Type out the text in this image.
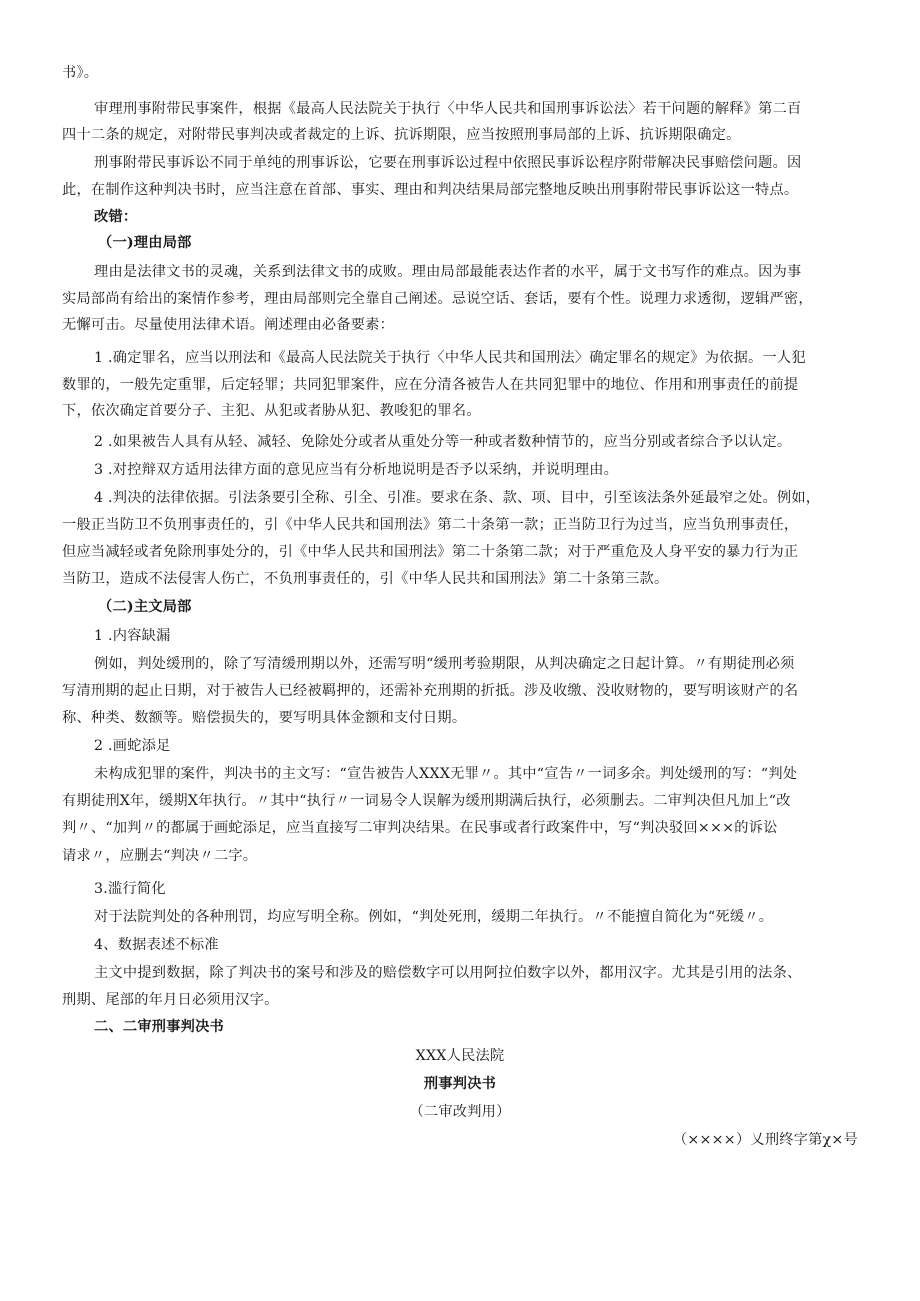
书》。
审理刑事附带民事案件，根据《最高人民法院关于执行〈中华人民共和国刑事诉讼法〉若干问题的解释》第二百
四十二条的规定，对附带民事判决或者裁定的上诉、抗诉期限，应当按照刑事局部的上诉、抗诉期限确定。
刑事附带民事诉讼不同于单纯的刑事诉讼，它要在刑事诉讼过程中依照民事诉讼程序附带解决民事赔偿问题。因
此，在制作这种判决书时，应当注意在首部、事实、理由和判决结果局部完整地反映出刑事附带民事诉讼这一特点。
改错：
（一)理由局部
理由是法律文书的灵魂，关系到法律文书的成败。理由局部最能表达作者的水平，属于文书写作的难点。因为事
实局部尚有给出的案情作参考，理由局部则完全靠自己阐述。忌说空话、套话，要有个性。说理力求透彻，逻辑严密，
无懈可击。尽量使用法律术语。阐述理由必备要素：
1 .确定罪名，应当以刑法和《最高人民法院关于执行〈中华人民共和国刑法〉确定罪名的规定》为依据。一人犯
数罪的，一般先定重罪，后定轻罪；共同犯罪案件，应在分清各被告人在共同犯罪中的地位、作用和刑事责任的前提
下，依次确定首要分子、主犯、从犯或者胁从犯、教唆犯的罪名。
2 .如果被告人具有从轻、减轻、免除处分或者从重处分等一种或者数种情节的，应当分别或者综合予以认定。
3 .对控辩双方适用法律方面的意见应当有分析地说明是否予以采纳，并说明理由。
4 .判决的法律依据。引法条要引全称、引全、引准。要求在条、款、项、目中，引至该法条外延最窄之处。例如，
一般正当防卫不负刑事责任的，引《中华人民共和国刑法》第二十条第一款；正当防卫行为过当，应当负刑事责任，
但应当减轻或者免除刑事处分的，引《中华人民共和国刑法》第二十条第二款；对于严重危及人身平安的暴力行为正
当防卫，造成不法侵害人伤亡，不负刑事责任的，引《中华人民共和国刑法》第二十条第三款。
（二)主文局部
1 .内容缺漏
例如，判处缓刑的，除了写清缓刑期以外，还需写明“缓刑考验期限，从判决确定之日起计算。〃有期徒刑必须
写清刑期的起止日期，对于被告人已经被羁押的，还需补充刑期的折抵。涉及收缴、没收财物的，要写明该财产的名
称、种类、数额等。赔偿损失的，要写明具体金额和支付日期。
2 .画蛇添足
未构成犯罪的案件，判决书的主文写：“宣告被告人XXX无罪〃。其中“宣告〃一词多余。判处缓刑的写：“判处
有期徒刑X年，缓期X年执行。〃其中“执行〃一词易令人误解为缓刑期满后执行，必须删去。二审判决但凡加上“改
判〃、“加判〃的都属于画蛇添足，应当直接写二审判决结果。在民事或者行政案件中，写“判决驳回×××的诉讼
请求〃，应删去“判决〃二字。
3.滥行简化
对于法院判处的各种刑罚，均应写明全称。例如，“判处死刑，缓期二年执行。〃不能擅自简化为“死缓〃。
4、数据表述不标准
主文中提到数据，除了判决书的案号和涉及的赔偿数字可以用阿拉伯数字以外，都用汉字。尤其是引用的法条、
刑期、尾部的年月日必须用汉字。
二、二审刑事判决书
XXX人民法院
刑事判决书
（二审改判用）
（××××）乂刑终字第χ×号
